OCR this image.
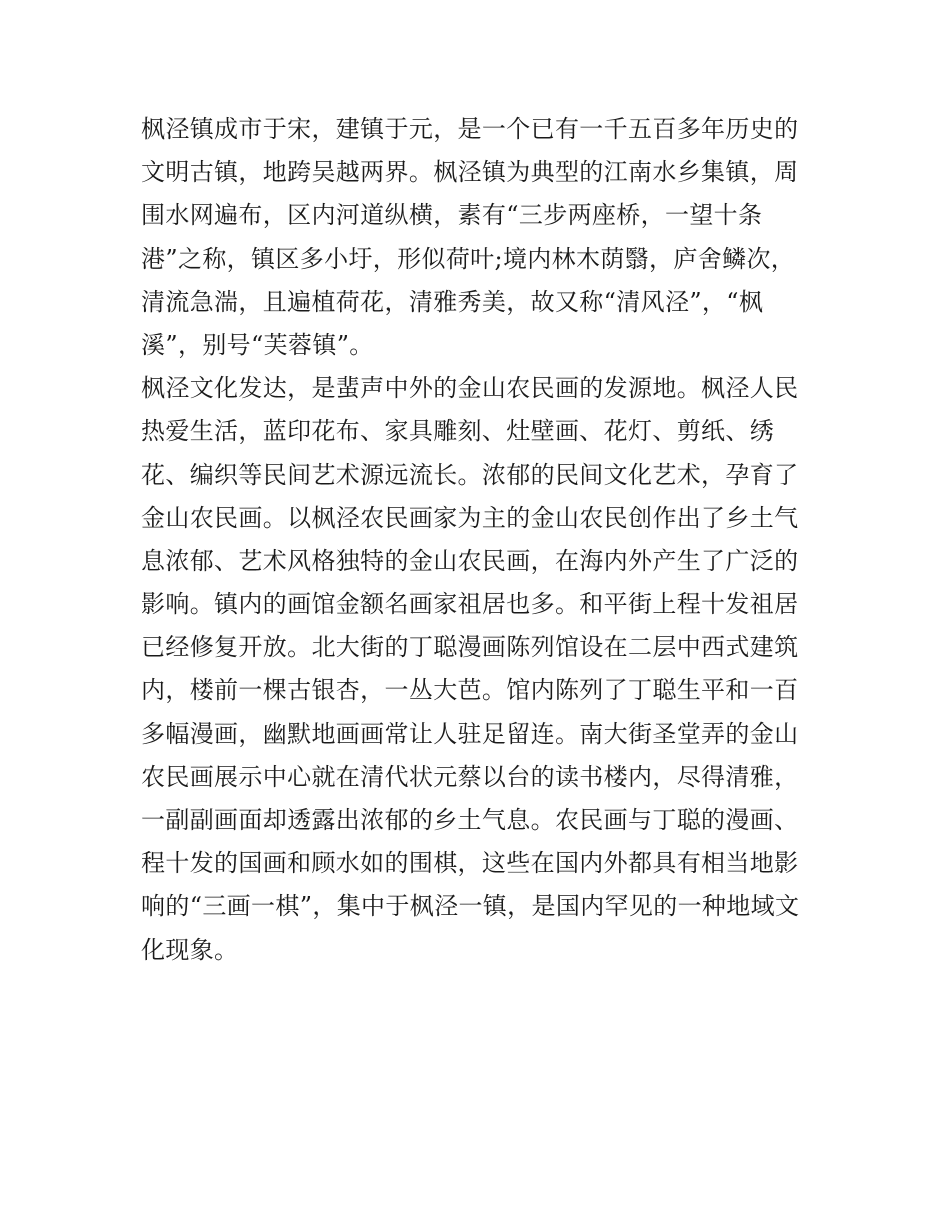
枫泾镇成市于宋，建镇于元，是一个已有一千五百多年历史的
文明古镇，地跨吴越两界。枫泾镇为典型的江南水乡集镇，周
围水网遍布，区内河道纵横，素有“三步两座桥，一望十条
港”之称，镇区多小圩，形似荷叶;境内林木荫翳，庐舍鳞次，
清流急湍，且遍植荷花，清雅秀美，故又称“清风泾”，“枫
溪”，别号“芙蓉镇”。
枫泾文化发达，是蜚声中外的金山农民画的发源地。枫泾人民
热爱生活，蓝印花布、家具雕刻、灶壁画、花灯、剪纸、绣
花、编织等民间艺术源远流长。浓郁的民间文化艺术，孕育了
金山农民画。以枫泾农民画家为主的金山农民创作出了乡土气
息浓郁、艺术风格独特的金山农民画，在海内外产生了广泛的
影响。镇内的画馆金额名画家祖居也多。和平街上程十发祖居
已经修复开放。北大街的丁聪漫画陈列馆设在二层中西式建筑
内，楼前一棵古银杏，一丛大芭。馆内陈列了丁聪生平和一百
多幅漫画，幽默地画画常让人驻足留连。南大街圣堂弄的金山
农民画展示中心就在清代状元蔡以台的读书楼内，尽得清雅，
一副副画面却透露出浓郁的乡土气息。农民画与丁聪的漫画、
程十发的国画和顾水如的围棋，这些在国内外都具有相当地影
响的“三画一棋”，集中于枫泾一镇，是国内罕见的一种地域文
化现象。
